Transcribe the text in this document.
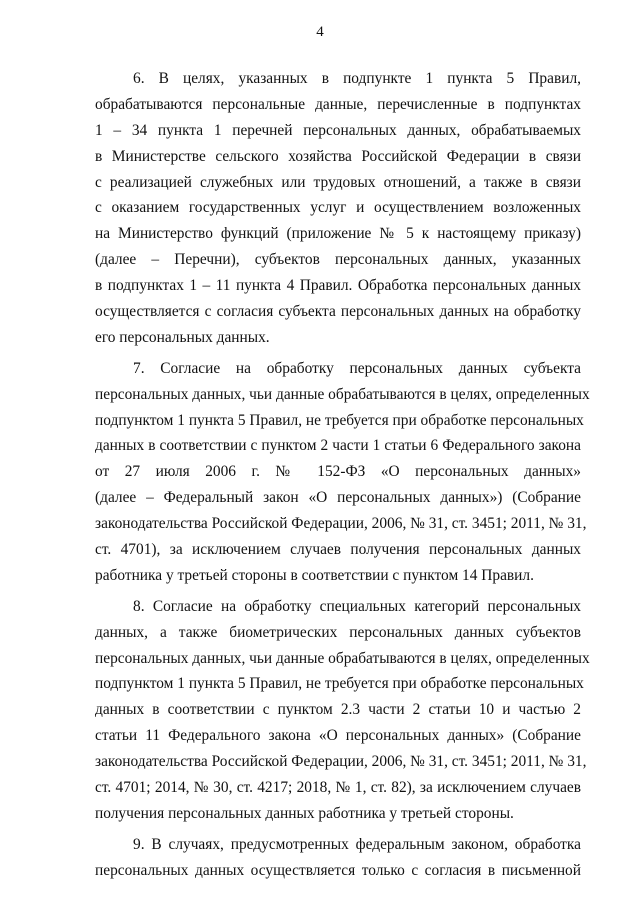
4
6. В целях, указанных в подпункте 1 пункта 5 Правил,
обрабатываются персональные данные, перечисленные в подпунктах
1 – 34 пункта 1 перечней персональных данных, обрабатываемых
в Министерстве сельского хозяйства Российской Федерации в связи
с реализацией служебных или трудовых отношений, а также в связи
с оказанием государственных услуг и осуществлением возложенных
на Министерство функций (приложение № 5 к настоящему приказу)
(далее – Перечни), субъектов персональных данных, указанных
в подпунктах 1 – 11 пункта 4 Правил. Обработка персональных данных
осуществляется с согласия субъекта персональных данных на обработку
его персональных данных.
7. Согласие на обработку персональных данных субъекта
персональных данных, чьи данные обрабатываются в целях, определенных
подпунктом 1 пункта 5 Правил, не требуется при обработке персональных
данных в соответствии с пунктом 2 части 1 статьи 6 Федерального закона
от 27 июля 2006 г. № 152-ФЗ «О персональных данных»
(далее – Федеральный закон «О персональных данных») (Собрание
законодательства Российской Федерации, 2006, № 31, ст. 3451; 2011, № 31,
ст. 4701), за исключением случаев получения персональных данных
работника у третьей стороны в соответствии с пунктом 14 Правил.
8. Согласие на обработку специальных категорий персональных
данных, а также биометрических персональных данных субъектов
персональных данных, чьи данные обрабатываются в целях, определенных
подпунктом 1 пункта 5 Правил, не требуется при обработке персональных
данных в соответствии с пунктом 2.3 части 2 статьи 10 и частью 2
статьи 11 Федерального закона «О персональных данных» (Собрание
законодательства Российской Федерации, 2006, № 31, ст. 3451; 2011, № 31,
ст. 4701; 2014, № 30, ст. 4217; 2018, № 1, ст. 82), за исключением случаев
получения персональных данных работника у третьей стороны.
9. В случаях, предусмотренных федеральным законом, обработка
персональных данных осуществляется только с согласия в письменной
